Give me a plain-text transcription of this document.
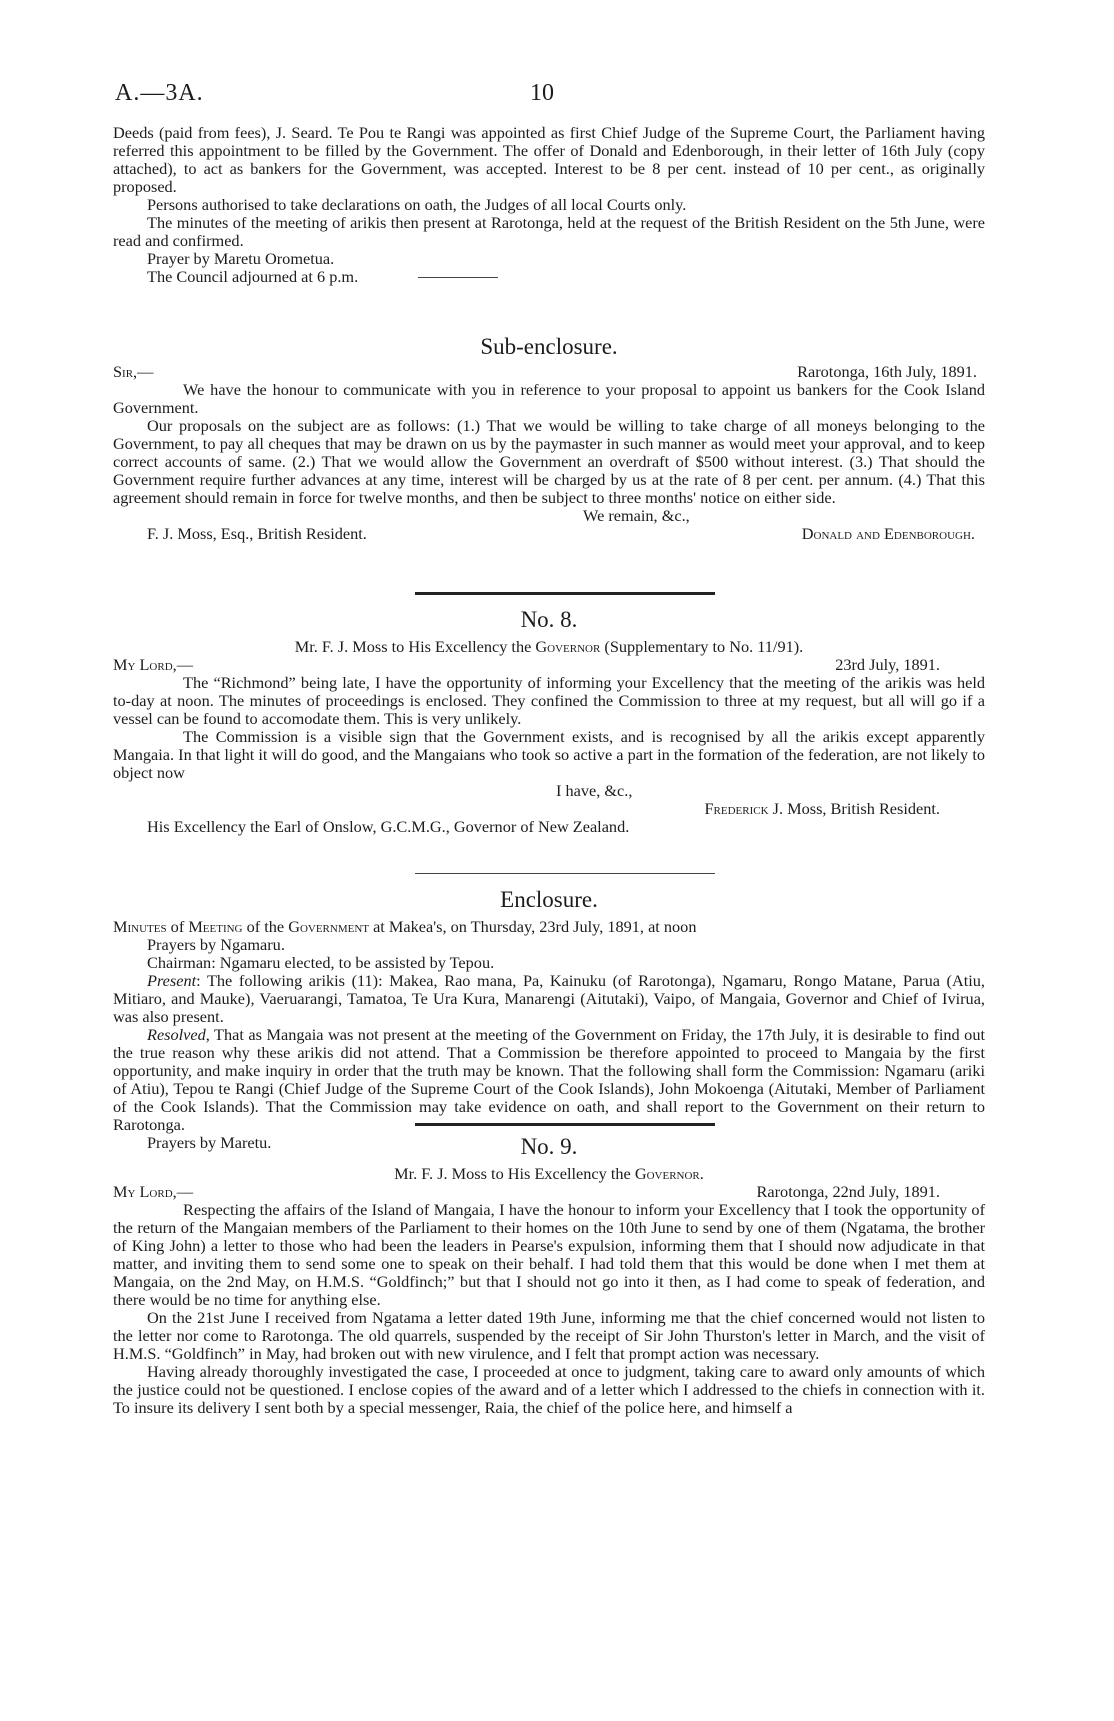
A.—3A.	10

Deeds (paid from fees), J. Seard. Te Pou te Rangi was appointed as first Chief Judge of the Supreme Court, the Parliament having referred this appointment to be filled by the Government. The offer of Donald and Edenborough, in their letter of 16th July (copy attached), to act as bankers for the Government, was accepted. Interest to be 8 per cent. instead of 10 per cent., as originally proposed.

Persons authorised to take declarations on oath, the Judges of all local Courts only.

The minutes of the meeting of arikis then present at Rarotonga, held at the request of the British Resident on the 5th June, were read and confirmed.

Prayer by Maretu Orometua.

The Council adjourned at 6 p.m.

Sub-enclosure.

Sir,—	Rarotonga, 16th July, 1891.

We have the honour to communicate with you in reference to your proposal to appoint us bankers for the Cook Island Government.

Our proposals on the subject are as follows: (1.) That we would be willing to take charge of all moneys belonging to the Government, to pay all cheques that may be drawn on us by the paymaster in such manner as would meet your approval, and to keep correct accounts of same. (2.) That we would allow the Government an overdraft of $500 without interest. (3.) That should the Government require further advances at any time, interest will be charged by us at the rate of 8 per cent. per annum. (4.) That this agreement should remain in force for twelve months, and then be subject to three months' notice on either side.

We remain, &c.,
F. J. Moss, Esq., British Resident.	Donald and Edenborough.

No. 8.

Mr. F. J. Moss to His Excellency the Governor (Supplementary to No. 11/91).

My Lord,—	23rd July, 1891.

The “Richmond” being late, I have the opportunity of informing your Excellency that the meeting of the arikis was held to-day at noon. The minutes of proceedings is enclosed. They confined the Commission to three at my request, but all will go if a vessel can be found to accomodate them. This is very unlikely.

The Commission is a visible sign that the Government exists, and is recognised by all the arikis except apparently Mangaia. In that light it will do good, and the Mangaians who took so active a part in the formation of the federation, are not likely to object now

I have, &c.,
Frederick J. Moss, British Resident.

His Excellency the Earl of Onslow, G.C.M.G., Governor of New Zealand.

Enclosure.

Minutes of Meeting of the Government at Makea's, on Thursday, 23rd July, 1891, at noon

Prayers by Ngamaru.

Chairman: Ngamaru elected, to be assisted by Tepou.

Present: The following arikis (11): Makea, Rao mana, Pa, Kainuku (of Rarotonga), Ngamaru, Rongo Matane, Parua (Atiu, Mitiaro, and Mauke), Vaeruarangi, Tamatoa, Te Ura Kura, Manarengi (Aitutaki), Vaipo, of Mangaia, Governor and Chief of Ivirua, was also present.

Resolved, That as Mangaia was not present at the meeting of the Government on Friday, the 17th July, it is desirable to find out the true reason why these arikis did not attend. That a Commission be therefore appointed to proceed to Mangaia by the first opportunity, and make inquiry in order that the truth may be known. That the following shall form the Commission: Ngamaru (ariki of Atiu), Tepou te Rangi (Chief Judge of the Supreme Court of the Cook Islands), John Mokoenga (Aitutaki, Member of Parliament of the Cook Islands). That the Commission may take evidence on oath, and shall report to the Government on their return to Rarotonga.

Prayers by Maretu.	No. 9.

Mr. F. J. Moss to His Excellency the Governor.

My Lord,—	Rarotonga, 22nd July, 1891.

Respecting the affairs of the Island of Mangaia, I have the honour to inform your Excellency that I took the opportunity of the return of the Mangaian members of the Parliament to their homes on the 10th June to send by one of them (Ngatama, the brother of King John) a letter to those who had been the leaders in Pearse's expulsion, informing them that I should now adjudicate in that matter, and inviting them to send some one to speak on their behalf. I had told them that this would be done when I met them at Mangaia, on the 2nd May, on H.M.S. “Goldfinch;” but that I should not go into it then, as I had come to speak of federation, and there would be no time for anything else.

On the 21st June I received from Ngatama a letter dated 19th June, informing me that the chief concerned would not listen to the letter nor come to Rarotonga. The old quarrels, suspended by the receipt of Sir John Thurston's letter in March, and the visit of H.M.S. “Goldfinch” in May, had broken out with new virulence, and I felt that prompt action was necessary.

Having already thoroughly investigated the case, I proceeded at once to judgment, taking care to award only amounts of which the justice could not be questioned. I enclose copies of the award and of a letter which I addressed to the chiefs in connection with it. To insure its delivery I sent both by a special messenger, Raia, the chief of the police here, and himself a
